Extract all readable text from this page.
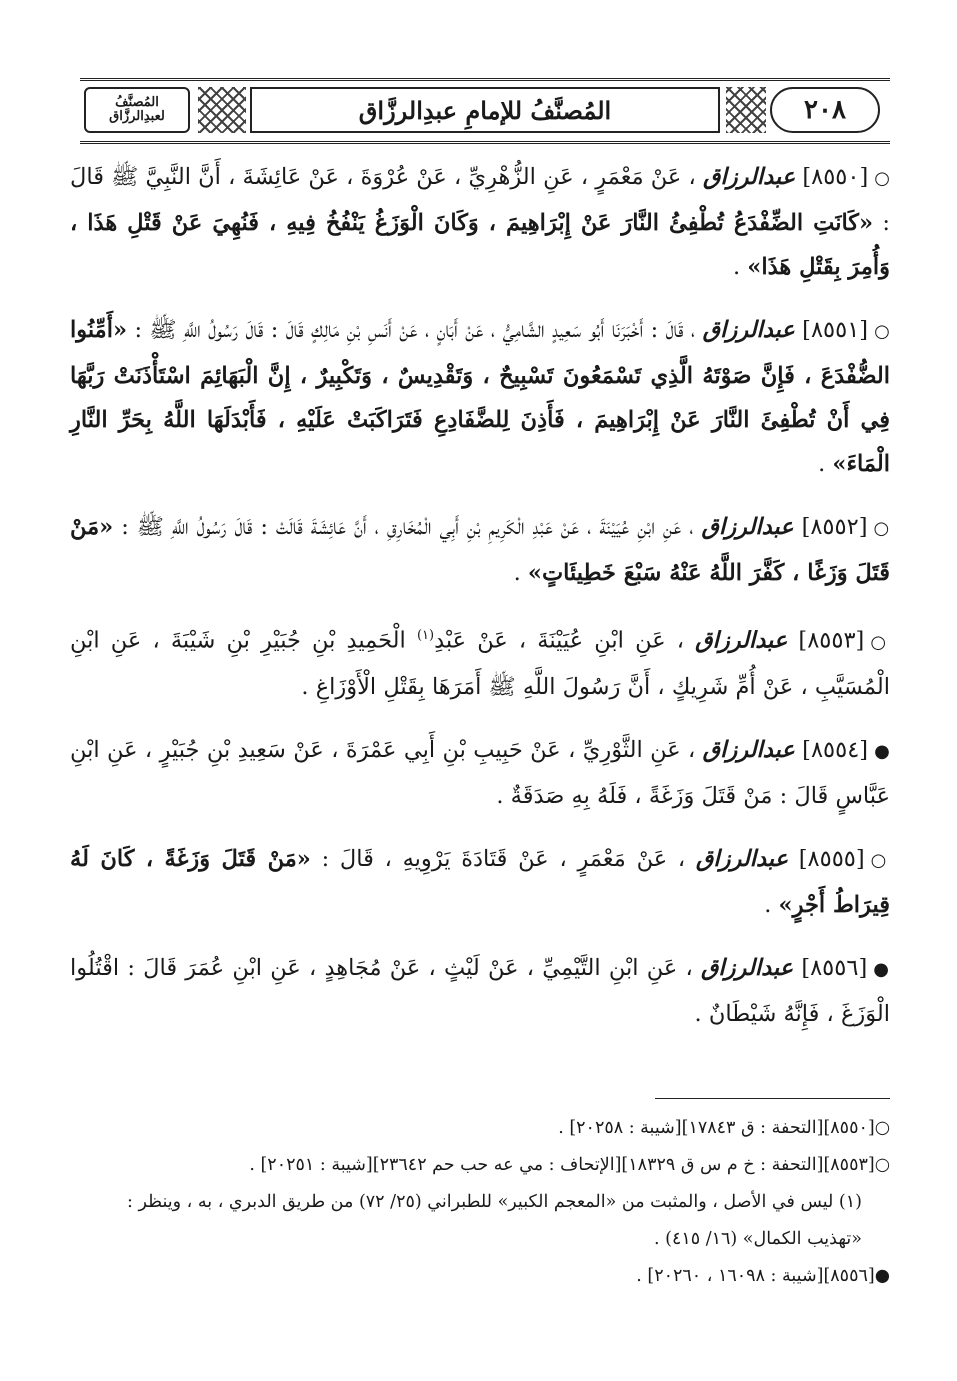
٢٠٨
المُصنَّفُ للإمامِ عبدِالرزَّاق
المُصنَّفُ لعبدِالرزَّاق

○[٨٥٥٠] عبدالرزاق ، عَنْ مَعْمَرٍ ، عَنِ الزُّهْرِيِّ ، عَنْ عُرْوَةَ ، عَنْ عَائِشَةَ ، أَنَّ النَّبِيَّ ﷺ قَالَ : «كَانَتِ الضِّفْدَعُ تُطْفِئُ النَّارَ عَنْ إِبْرَاهِيمَ ، وَكَانَ الْوَزَغُ يَنْفُخُ فِيهِ ، فَنُهِيَ عَنْ قَتْلِ هَذَا ، وَأُمِرَ بِقَتْلِ هَذَا» .

○[٨٥٥١] عبدالرزاق ، قَالَ : أَخْبَرَنَا أَبُو سَعِيدٍ الشَّامِيُّ ، عَنْ أَبَانٍ ، عَنْ أَنَسِ بْنِ مَالِكٍ قَالَ : قَالَ رَسُولُ اللَّهِ ﷺ : «أَمِّنُوا الضُّفْدَعَ ، فَإِنَّ صَوْتَهُ الَّذِي تَسْمَعُونَ تَسْبِيحٌ ، وَتَقْدِيسٌ ، وَتَكْبِيرٌ ، إِنَّ الْبَهَائِمَ اسْتَأْذَنَتْ رَبَّهَا فِي أَنْ تُطْفِئَ النَّارَ عَنْ إِبْرَاهِيمَ ، فَأَذِنَ لِلضَّفَادِعِ فَتَرَاكَبَتْ عَلَيْهِ ، فَأَبْدَلَهَا اللَّهُ بِحَرِّ النَّارِ الْمَاءَ» .

○[٨٥٥٢] عبدالرزاق ، عَنِ ابْنِ عُيَيْنَةَ ، عَنْ عَبْدِ الْكَرِيمِ بْنِ أَبِي الْمُخَارِقِ ، أَنَّ عَائِشَةَ قَالَتْ : قَالَ رَسُولُ اللَّهِ ﷺ : «مَنْ قَتَلَ وَزَغًا ، كَفَّرَ اللَّهُ عَنْهُ سَبْعَ خَطِيئَاتٍ» .

○[٨٥٥٣] عبدالرزاق ، عَنِ ابْنِ عُيَيْنَةَ ، عَنْ عَبْدِ$^{(١)}$ الْحَمِيدِ بْنِ جُبَيْرِ بْنِ شَيْبَةَ ، عَنِ ابْنِ الْمُسَيَّبِ ، عَنْ أُمِّ شَرِيكٍ ، أَنَّ رَسُولَ اللَّهِ ﷺ أَمَرَهَا بِقَتْلِ الْأَوْزَاغِ .

●[٨٥٥٤] عبدالرزاق ، عَنِ الثَّوْرِيِّ ، عَنْ حَبِيبِ بْنِ أَبِي عَمْرَةَ ، عَنْ سَعِيدِ بْنِ جُبَيْرٍ ، عَنِ ابْنِ عَبَّاسٍ قَالَ : مَنْ قَتَلَ وَزَغَةً ، فَلَهُ بِهِ صَدَقَةٌ .

○[٨٥٥٥] عبدالرزاق ، عَنْ مَعْمَرٍ ، عَنْ قَتَادَةَ يَرْوِيهِ ، قَالَ : «مَنْ قَتَلَ وَزَغَةً ، كَانَ لَهُ قِيرَاطُ أَجْرٍ» .

●[٨٥٥٦] عبدالرزاق ، عَنِ ابْنِ التَّيْمِيِّ ، عَنْ لَيْثٍ ، عَنْ مُجَاهِدٍ ، عَنِ ابْنِ عُمَرَ قَالَ : اقْتُلُوا الْوَزَغَ ، فَإِنَّهُ شَيْطَانٌ .

○[٨٥٥٠][التحفة : ق ١٧٨٤٣][شيبة : ٢٠٢٥٨] .

○[٨٥٥٣][التحفة : خ م س ق ١٨٣٢٩][الإتحاف : مي عه حب حم ٢٣٦٤٢][شيبة : ٢٠٢٥١] .

(١) ليس في الأصل ، والمثبت من «المعجم الكبير» للطبراني (٢٥/ ٧٢) من طريق الدبري ، به ، وينظر : «تهذيب الكمال» (١٦/ ٤١٥) .

●[٨٥٥٦][شيبة : ١٦٠٩٨ ، ٢٠٢٦٠] .
